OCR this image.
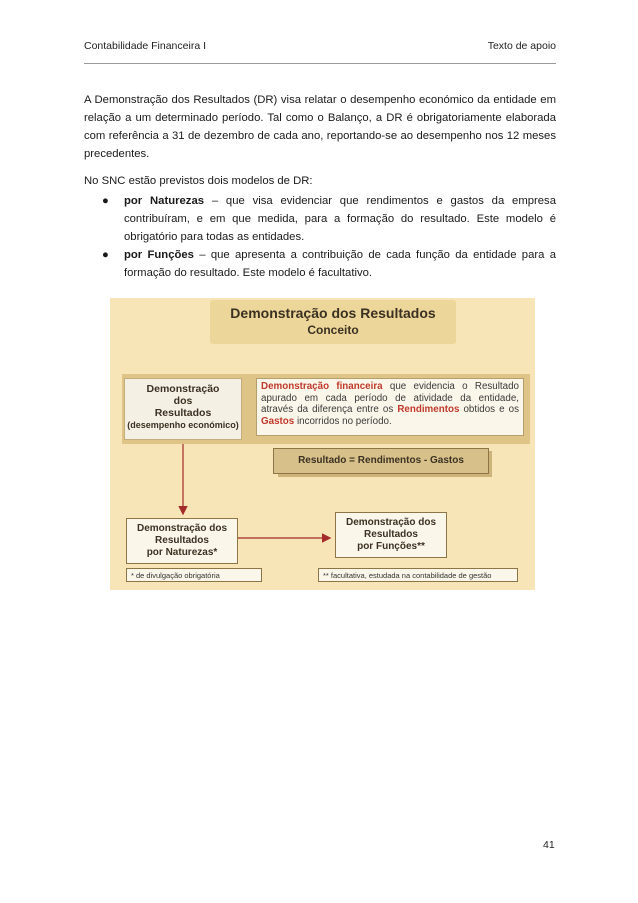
Contabilidade Financeira I	Texto de apoio

A Demonstração dos Resultados (DR) visa relatar o desempenho económico da entidade em relação a um determinado período. Tal como o Balanço, a DR é obrigatoriamente elaborada com referência a 31 de dezembro de cada ano, reportando-se ao desempenho nos 12 meses precedentes.

No SNC estão previstos dois modelos de DR:

● por Naturezas – que visa evidenciar que rendimentos e gastos da empresa contribuíram, e em que medida, para a formação do resultado. Este modelo é obrigatório para todas as entidades.
● por Funções – que apresenta a contribuição de cada função da entidade para a formação do resultado. Este modelo é facultativo.
Demonstração dos Resultados
Conceito
Demonstração
dos
Resultados
(desempenho económico)
Demonstração financeira que evidencia o Resultado apurado em cada período de atividade da entidade, através da diferença entre os Rendimentos obtidos e os Gastos incorridos no período.
Resultado = Rendimentos - Gastos
Demonstração dos
Resultados
por Naturezas*
Demonstração dos
Resultados
por Funções**
* de divulgação obrigatória	** facultativa, estudada na contabilidade de gestão
41
